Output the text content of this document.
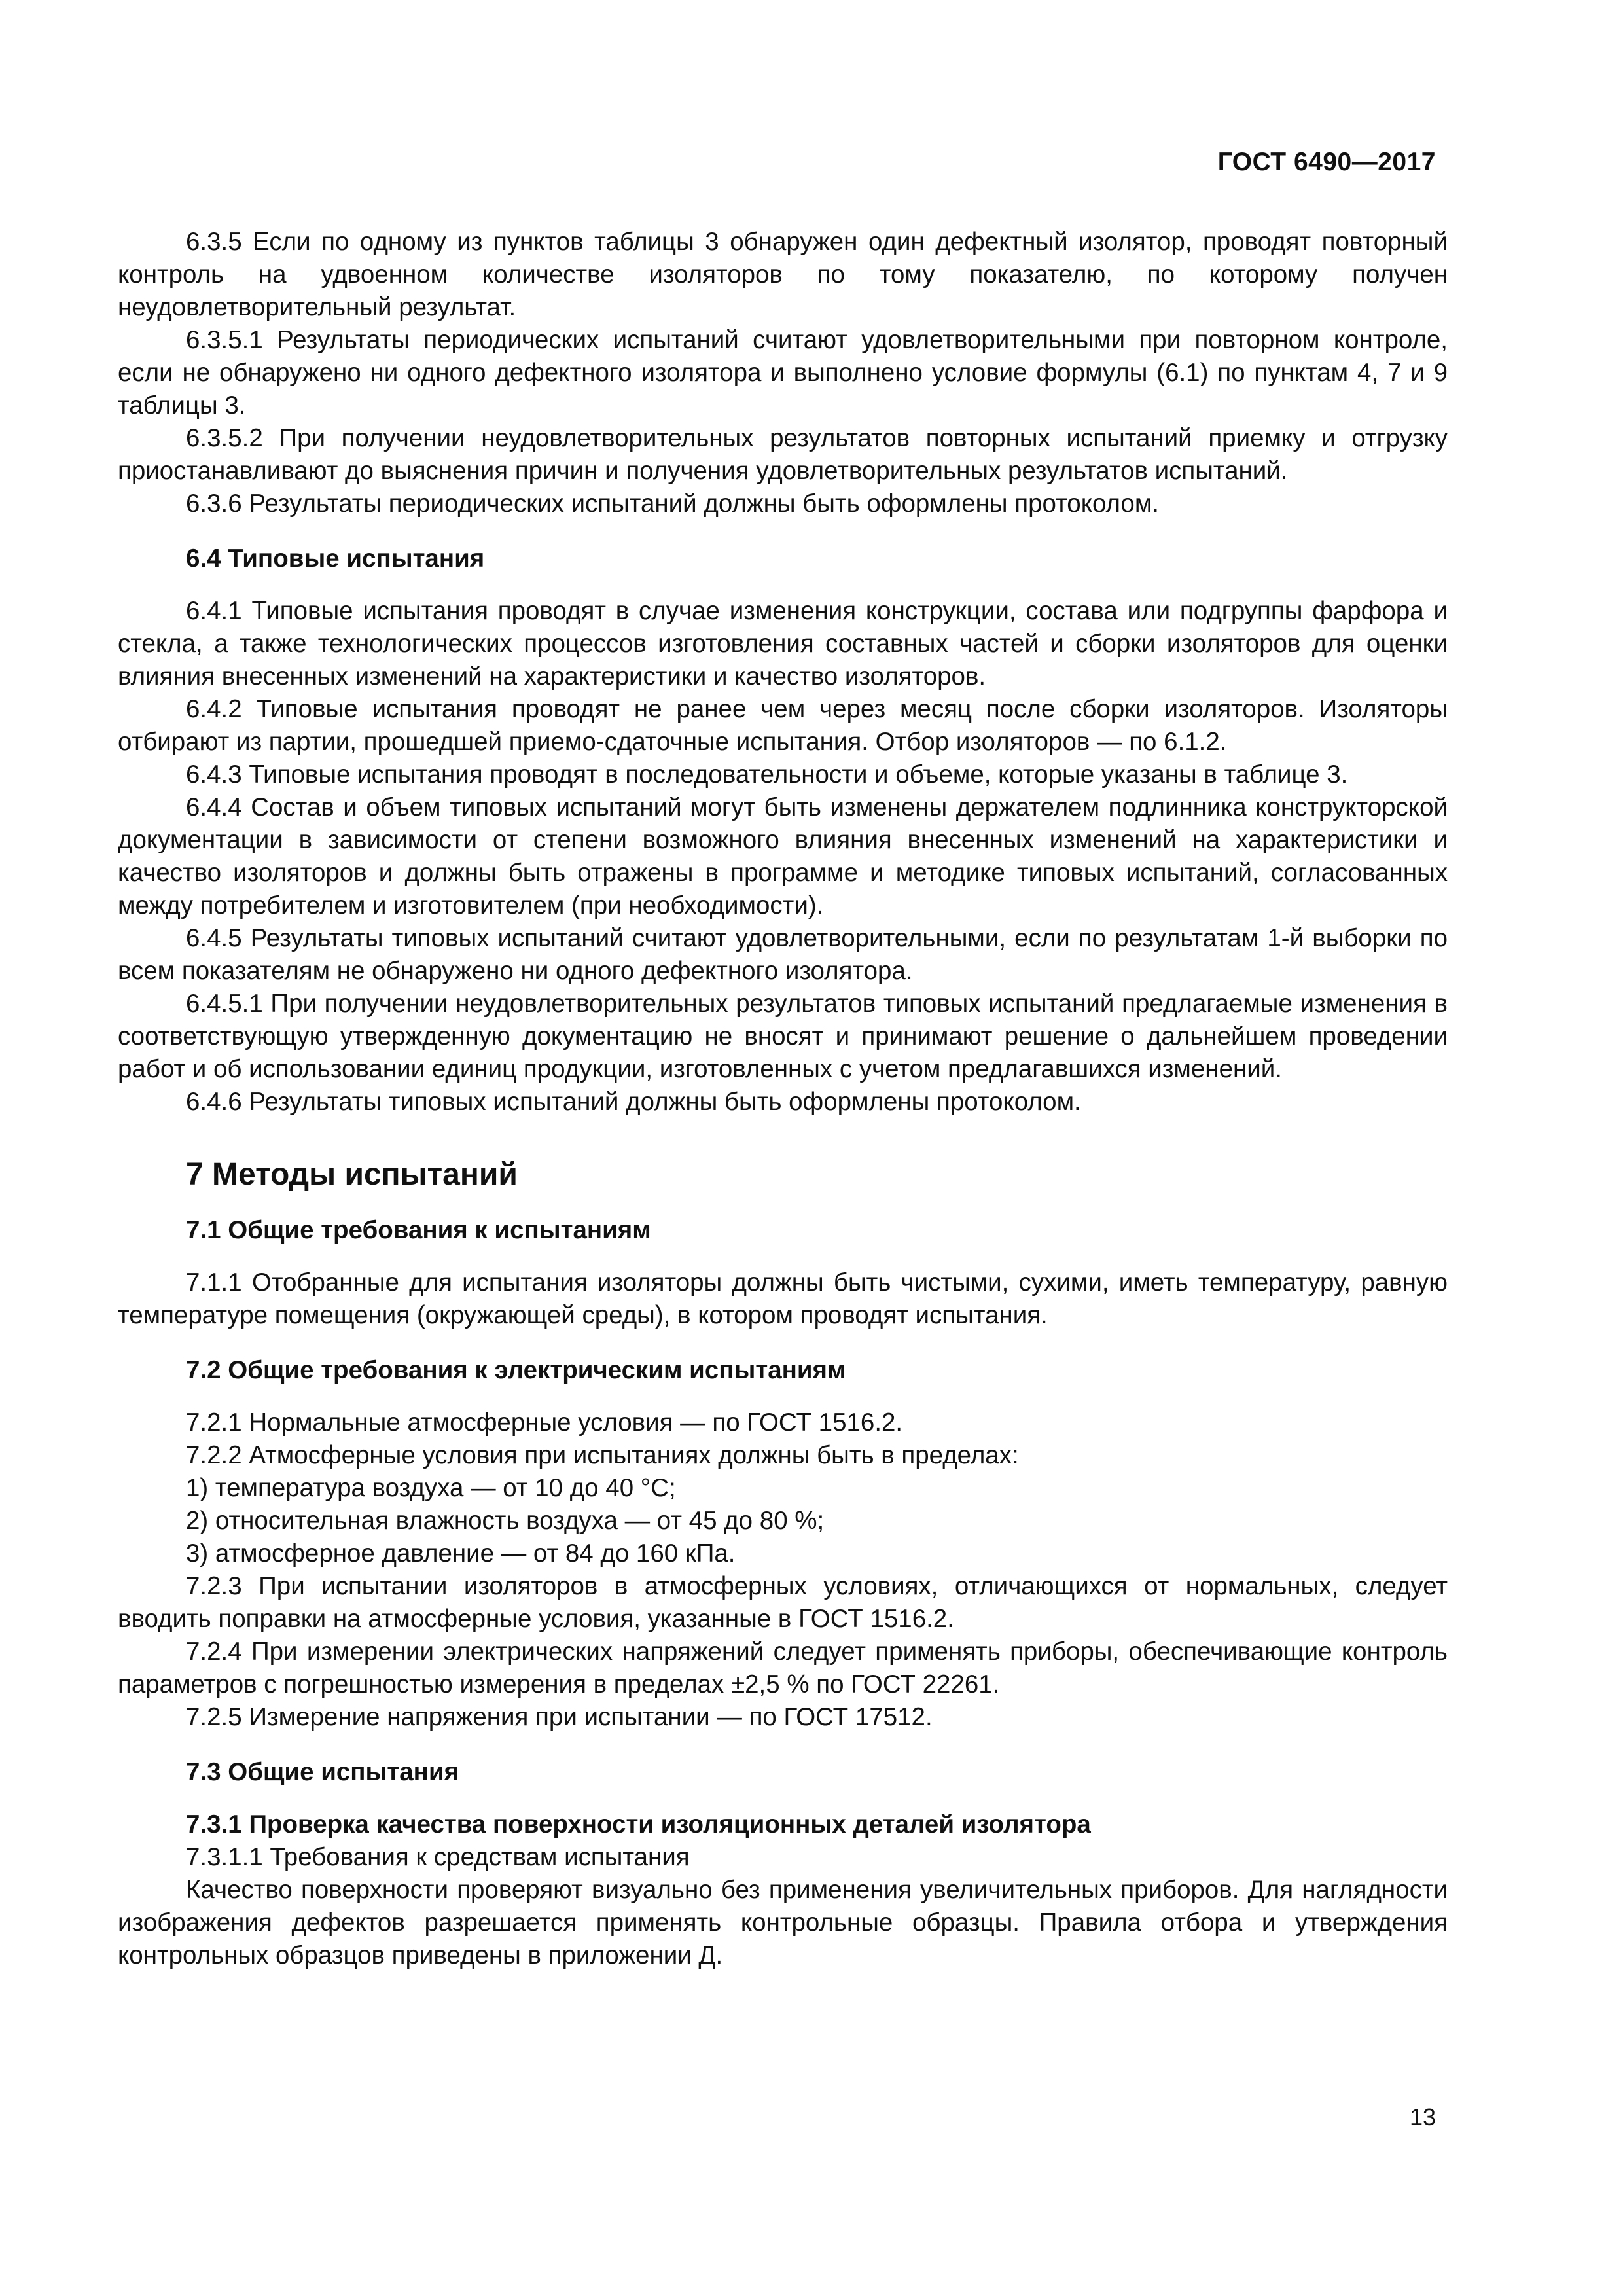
ГОСТ 6490—2017

6.3.5 Если по одному из пунктов таблицы 3 обнаружен один дефектный изолятор, проводят повторный контроль на удвоенном количестве изоляторов по тому показателю, по которому получен неудовлетворительный результат.

6.3.5.1 Результаты периодических испытаний считают удовлетворительными при повторном контроле, если не обнаружено ни одного дефектного изолятора и выполнено условие формулы (6.1) по пунктам 4, 7 и 9 таблицы 3.

6.3.5.2 При получении неудовлетворительных результатов повторных испытаний приемку и отгрузку приостанавливают до выяснения причин и получения удовлетворительных результатов испытаний.

6.3.6 Результаты периодических испытаний должны быть оформлены протоколом.

6.4 Типовые испытания

6.4.1 Типовые испытания проводят в случае изменения конструкции, состава или подгруппы фарфора и стекла, а также технологических процессов изготовления составных частей и сборки изоляторов для оценки влияния внесенных изменений на характеристики и качество изоляторов.

6.4.2 Типовые испытания проводят не ранее чем через месяц после сборки изоляторов. Изоляторы отбирают из партии, прошедшей приемо-сдаточные испытания. Отбор изоляторов — по 6.1.2.

6.4.3 Типовые испытания проводят в последовательности и объеме, которые указаны в таблице 3.

6.4.4 Состав и объем типовых испытаний могут быть изменены держателем подлинника конструкторской документации в зависимости от степени возможного влияния внесенных изменений на характеристики и качество изоляторов и должны быть отражены в программе и методике типовых испытаний, согласованных между потребителем и изготовителем (при необходимости).

6.4.5 Результаты типовых испытаний считают удовлетворительными, если по результатам 1-й выборки по всем показателям не обнаружено ни одного дефектного изолятора.

6.4.5.1 При получении неудовлетворительных результатов типовых испытаний предлагаемые изменения в соответствующую утвержденную документацию не вносят и принимают решение о дальнейшем проведении работ и об использовании единиц продукции, изготовленных с учетом предлагавшихся изменений.

6.4.6 Результаты типовых испытаний должны быть оформлены протоколом.

7 Методы испытаний

7.1 Общие требования к испытаниям

7.1.1 Отобранные для испытания изоляторы должны быть чистыми, сухими, иметь температуру, равную температуре помещения (окружающей среды), в котором проводят испытания.

7.2 Общие требования к электрическим испытаниям

7.2.1 Нормальные атмосферные условия — по ГОСТ 1516.2.

7.2.2 Атмосферные условия при испытаниях должны быть в пределах:

1) температура воздуха — от 10 до 40 °С;

2) относительная влажность воздуха — от 45 до 80 %;

3) атмосферное давление — от 84 до 160 кПа.

7.2.3 При испытании изоляторов в атмосферных условиях, отличающихся от нормальных, следует вводить поправки на атмосферные условия, указанные в ГОСТ 1516.2.

7.2.4 При измерении электрических напряжений следует применять приборы, обеспечивающие контроль параметров с погрешностью измерения в пределах ±2,5 % по ГОСТ 22261.

7.2.5 Измерение напряжения при испытании — по ГОСТ 17512.

7.3 Общие испытания

7.3.1 Проверка качества поверхности изоляционных деталей изолятора

7.3.1.1 Требования к средствам испытания

Качество поверхности проверяют визуально без применения увеличительных приборов. Для наглядности изображения дефектов разрешается применять контрольные образцы. Правила отбора и утверждения контрольных образцов приведены в приложении Д.

13
